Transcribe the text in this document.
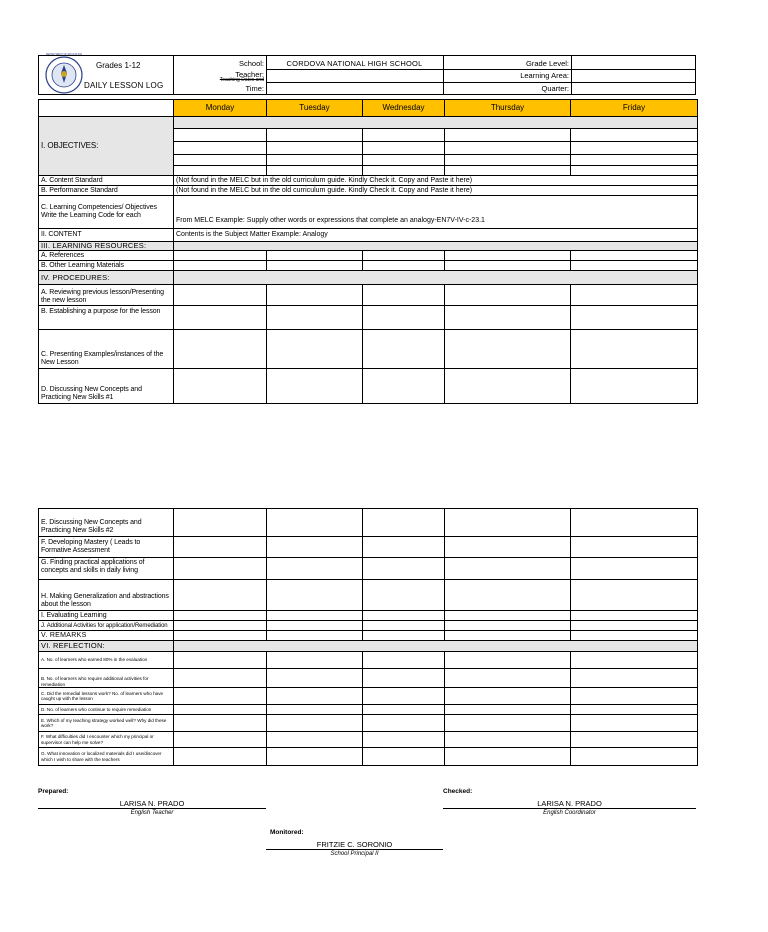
DEPARTMENT OF EDUCATION
Grades 1-12
DAILY LESSON LOG
School:	CORDOVA NATIONAL HIGH SCHOOL
Teacher:
Teaching Dates and
Time:
Grade Level:
Learning Area:
Quarter:
	Monday	Tuesday	Wednesday	Thursday	Friday
I. OBJECTIVES:					

A. Content Standard	(Not found in the MELC but in the old curriculum guide. Kindly Check it. Copy and Paste it here)				
B. Performance Standard	(Not found in the MELC but in the old curriculum guide. Kindly Check it. Copy and Paste it here)				
C. Learning Competencies/ Objectives Write the Learning Code for each	From MELC Example: Supply other words or expressions that complete an analogy-EN7V-IV-c-23.1				
II. CONTENT	Contents is the Subject Matter Example: Analogy				
III. LEARNING RESOURCES:					
A. References					
B. Other Learning Materials					
IV. PROCEDURES:					
A. Reviewing previous lesson/Presenting the new lesson					
B. Establishing a purpose for the lesson					
C. Presenting Examples/instances of the New Lesson					
D. Discussing New Concepts and Practicing New Skills #1					
E. Discussing New Concepts and Practicing New Skills #2					
F. Developing Mastery ( Leads to Formative Assessment					
G. Finding practical applications of concepts and skills in daily living					
H. Making Generalization and abstractions about the lesson					
I. Evaluating Learning					
J. Additional Activities for application/Remediation					
V. REMARKS					
VI. REFLECTION:					
A. No. of learners who earned 80% in the evaluation					
B. No. of learners who require additional activities for remediation					
C. Did the remedial lessons work? No. of learners who have caught up with the lesson					
D. No. of learners who continue to require remediation					
E. Which of my teaching strategy worked well? Why did these work?					
F. What difficulties did I encounter which my principal or supervisor can help me solve?					
G. What innovation or localized materials did I use/discover which I wish to share with the teachers					
Prepared:
LARISA N. PRADO
English Teacher
Checked:
LARISA N. PRADO
English Coordinator
Monitored:
FRITZIE C. SORONIO
School Principal II
